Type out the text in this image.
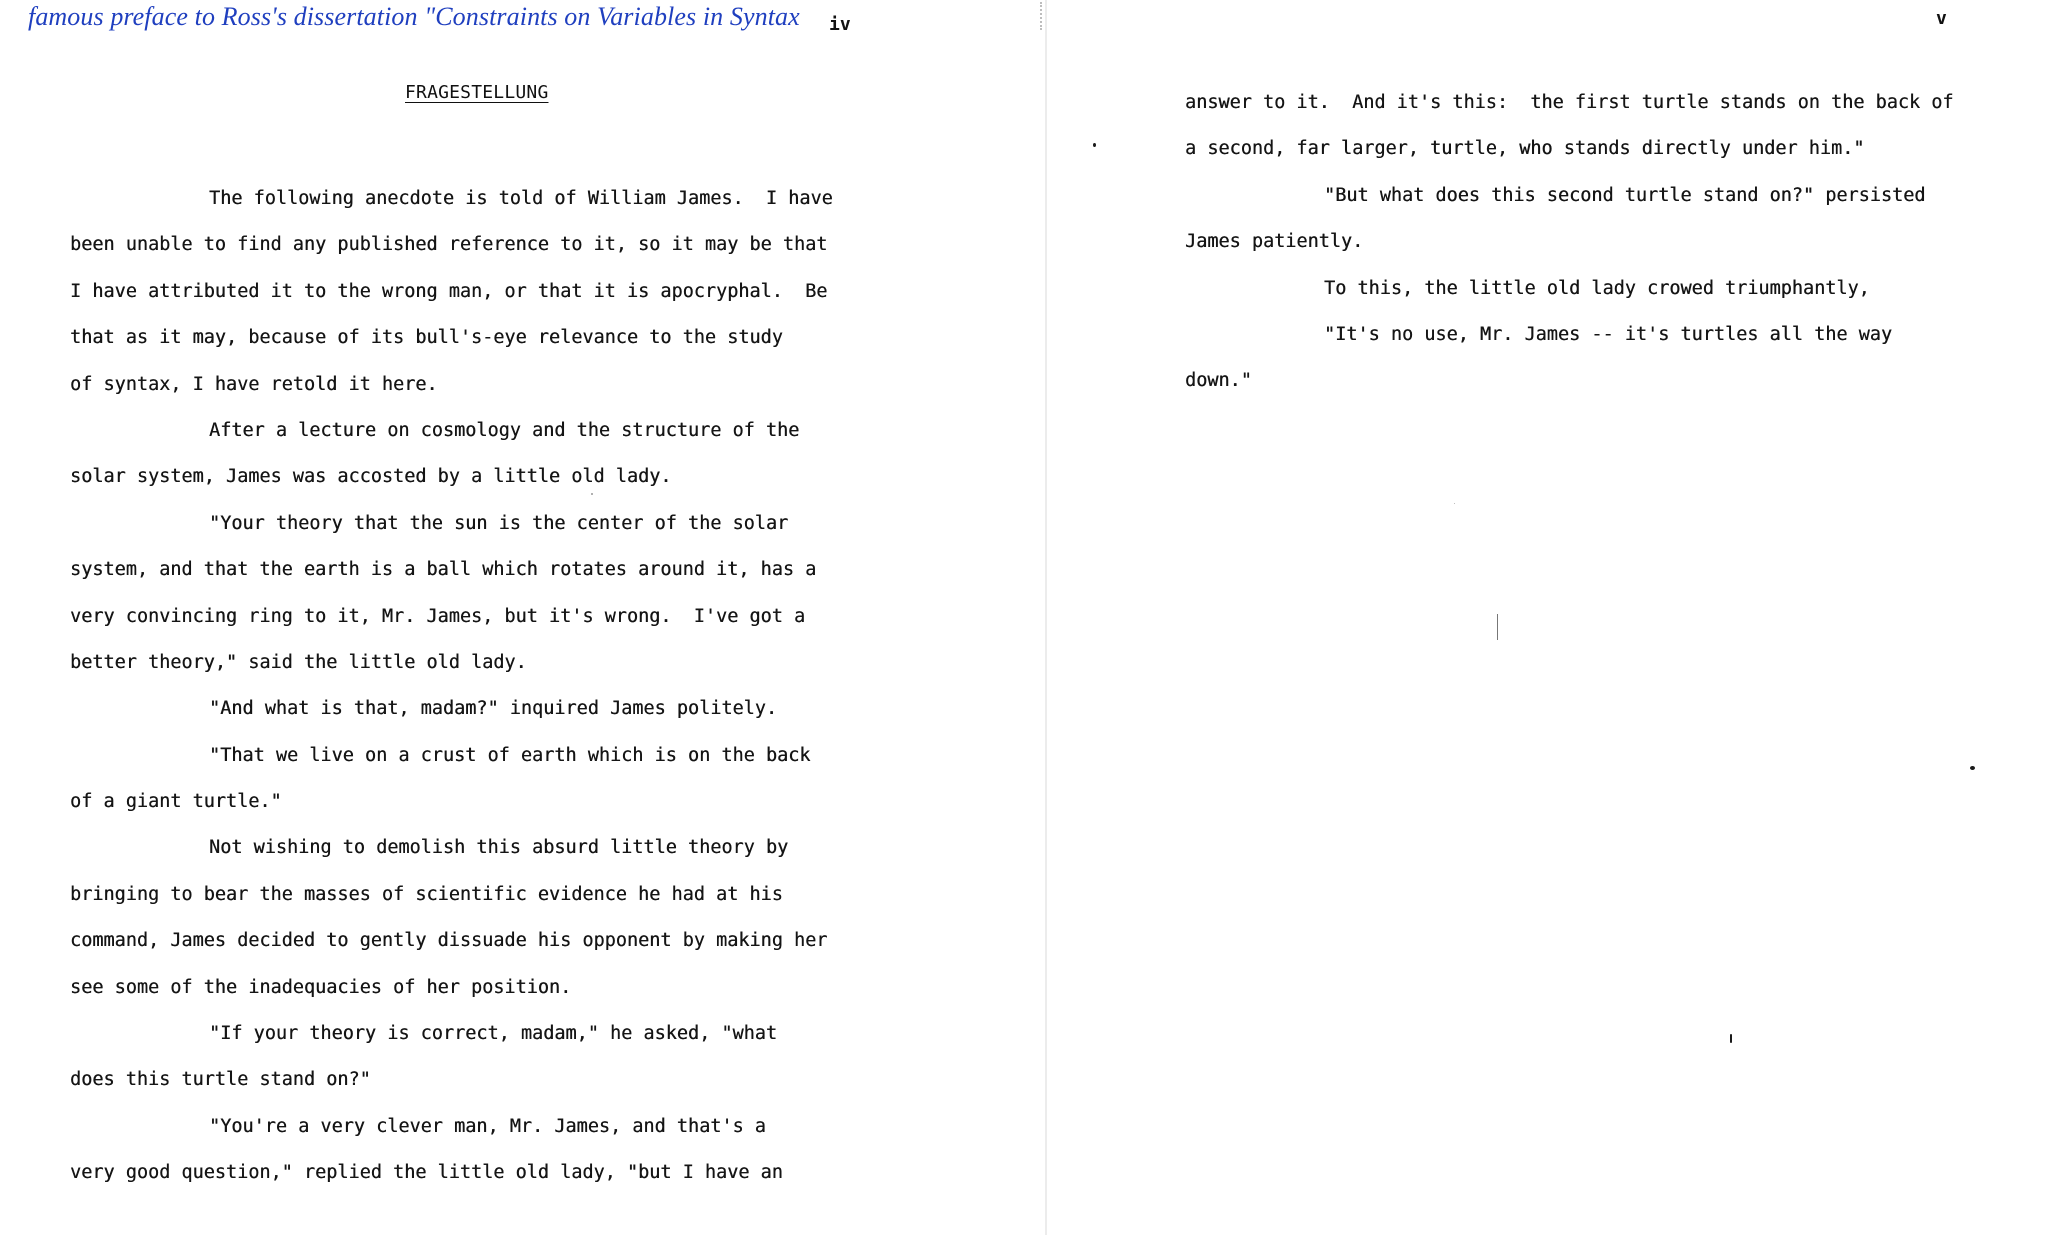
famous preface to Ross's dissertation "Constraints on Variables in Syntax iv
FRAGESTELLUNG
The following anecdote is told of William James.  I have
been unable to find any published reference to it, so it may be that
I have attributed it to the wrong man, or that it is apocryphal.  Be
that as it may, because of its bull's-eye relevance to the study
of syntax, I have retold it here.
After a lecture on cosmology and the structure of the
solar system, James was accosted by a little old lady.
"Your theory that the sun is the center of the solar
system, and that the earth is a ball which rotates around it, has a
very convincing ring to it, Mr. James, but it's wrong.  I've got a
better theory," said the little old lady.
"And what is that, madam?" inquired James politely.
"That we live on a crust of earth which is on the back
of a giant turtle."
Not wishing to demolish this absurd little theory by
bringing to bear the masses of scientific evidence he had at his
command, James decided to gently dissuade his opponent by making her
see some of the inadequacies of her position.
"If your theory is correct, madam," he asked, "what
does this turtle stand on?"
"You're a very clever man, Mr. James, and that's a
very good question," replied the little old lady, "but I have an
v
answer to it.  And it's this:  the first turtle stands on the back of
a second, far larger, turtle, who stands directly under him."
"But what does this second turtle stand on?" persisted
James patiently.
To this, the little old lady crowed triumphantly,
"It's no use, Mr. James -- it's turtles all the way
down."
